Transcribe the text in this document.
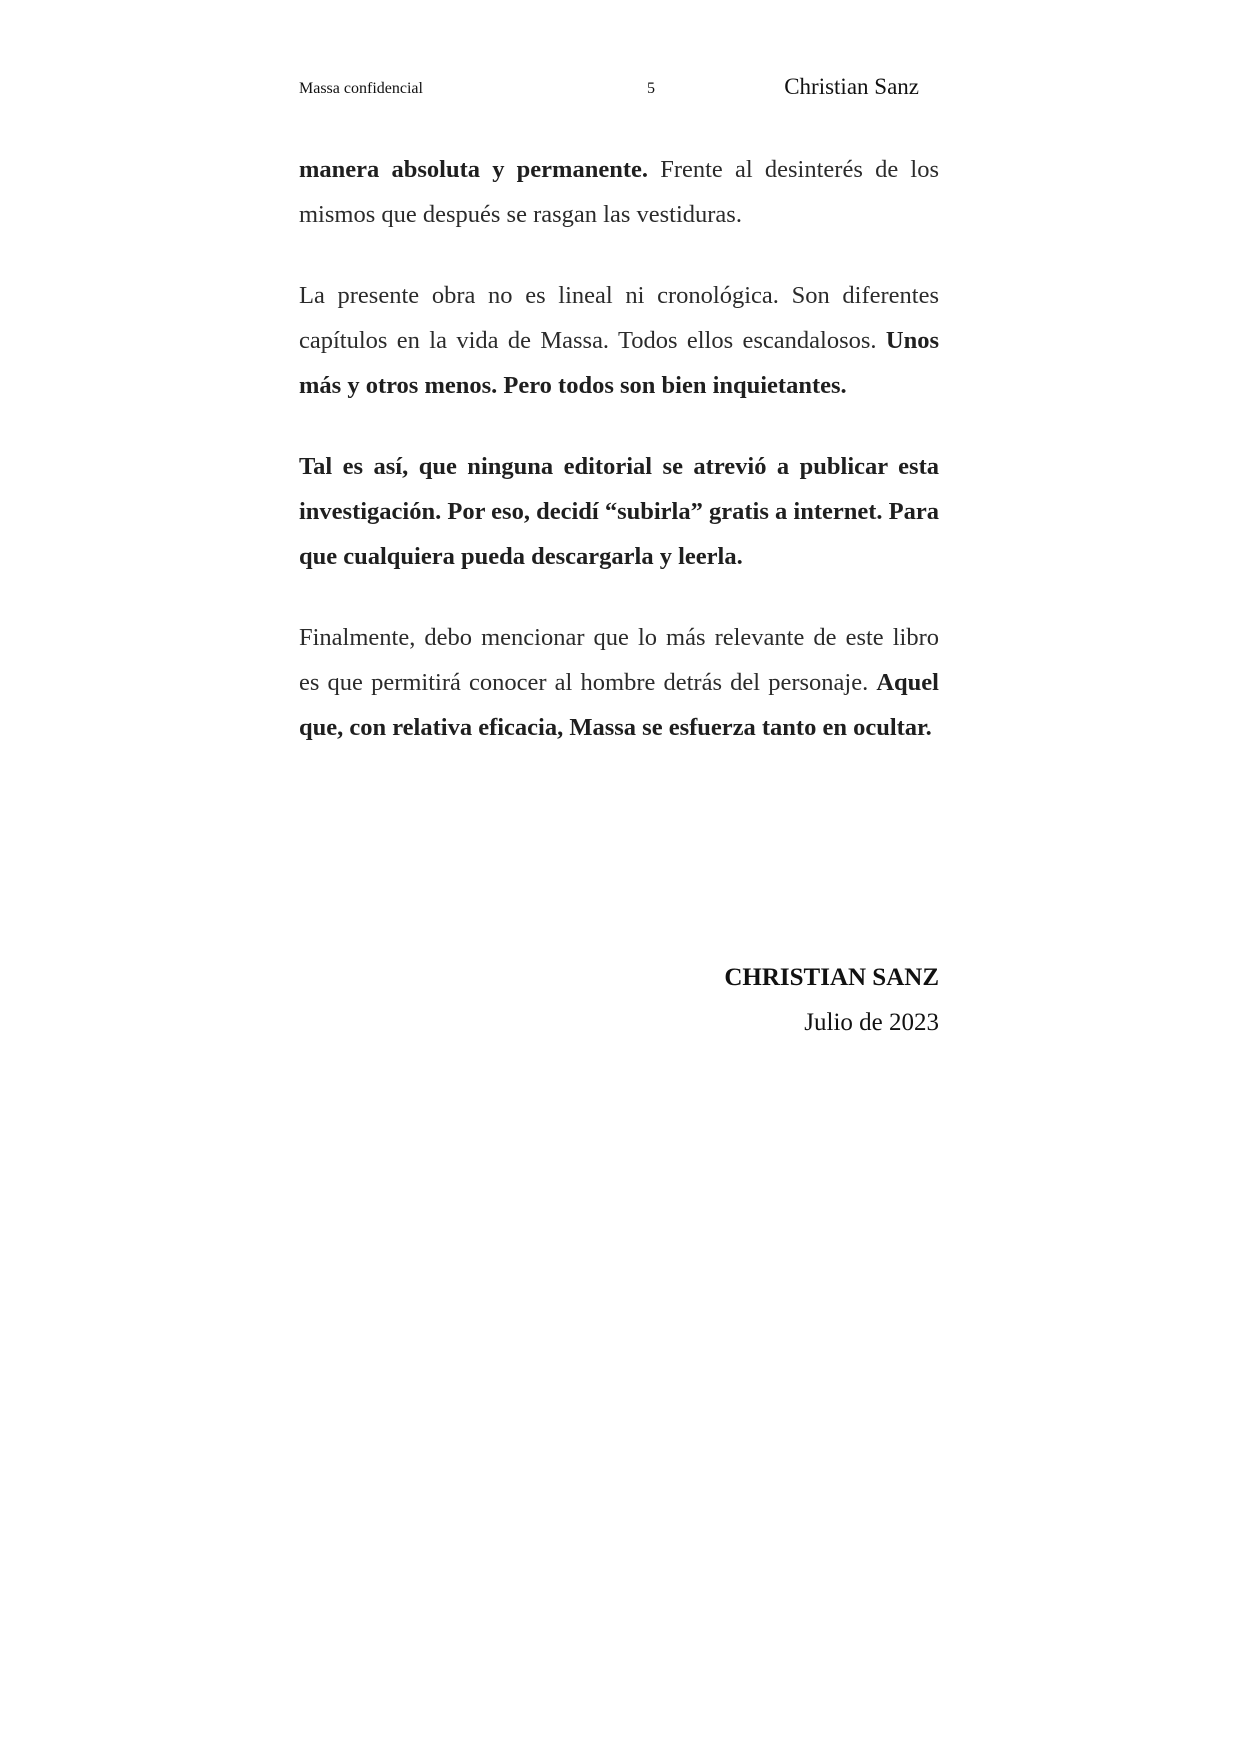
Massa confidencial	5	Christian Sanz

manera absoluta y permanente. Frente al desinterés de los mismos que después se rasgan las vestiduras.

La presente obra no es lineal ni cronológica. Son diferentes capítulos en la vida de Massa. Todos ellos escandalosos. Unos más y otros menos. Pero todos son bien inquietantes.

Tal es así, que ninguna editorial se atrevió a publicar esta investigación. Por eso, decidí “subirla” gratis a internet. Para que cualquiera pueda descargarla y leerla.

Finalmente, debo mencionar que lo más relevante de este libro es que permitirá conocer al hombre detrás del personaje. Aquel que, con relativa eficacia, Massa se esfuerza tanto en ocultar.

CHRISTIAN SANZ
Julio de 2023
